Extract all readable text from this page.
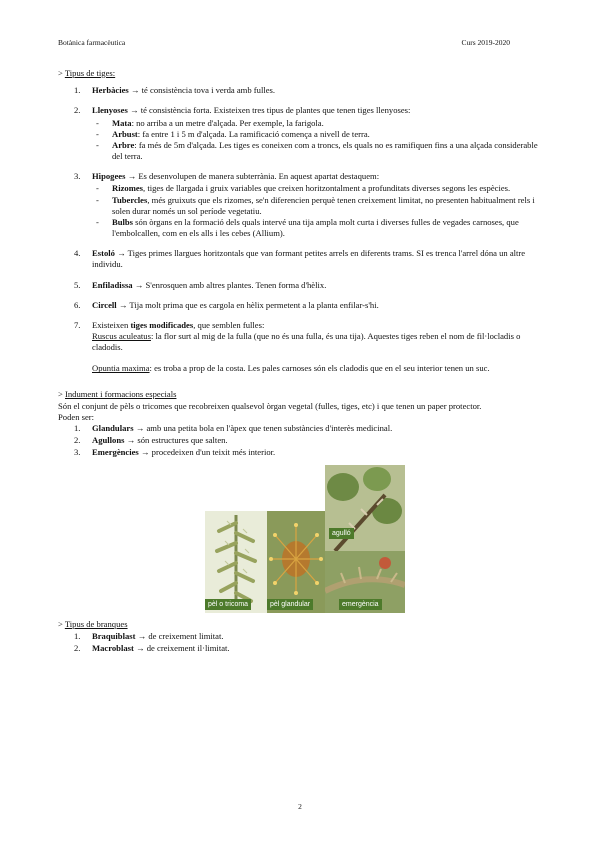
Botànica farmacèutica	Curs 2019-2020
> Tipus de tiges:
1. Herbàcies → té consistència tova i verda amb fulles.
2. Llenyoses → té consistència forta. Existeixen tres tipus de plantes que tenen tiges llenyoses:
- Mata: no arriba a un metre d'alçada. Per exemple, la farigola.
- Arbust: fa entre 1 i 5 m d'alçada. La ramificació comença a nivell de terra.
- Arbre: fa més de 5m d'alçada. Les tiges es coneixen com a troncs, els quals no es ramifiquen fins a una alçada considerable del terra.
3. Hipogees → Es desenvolupen de manera subterrània. En aquest apartat destaquem:
- Rizomes, tiges de llargada i gruix variables que creixen horitzontalment a profunditats diverses segons les espècies.
- Tubercles, més gruixuts que els rizomes, se'n diferencien perquè tenen creixement limitat, no presenten habitualment rels i solen durar només un sol període vegetatiu.
- Bulbs són òrgans en la formació dels quals intervé una tija ampla molt curta i diverses fulles de vegades carnoses, que l'embolcallen, com en els alls i les cebes (Allium).
4. Estoló → Tiges primes llargues horitzontals que van formant petites arrels en diferents trams. SI es trenca l'arrel dóna un altre individu.
5. Enfiladissa → S'enrosquen amb altres plantes. Tenen forma d'hèlix.
6. Circell → Tija molt prima que es cargola en hèlix permetent a la planta enfilar-s'hi.
7. Existeixen tiges modificades, que semblen fulles:
Ruscus aculeatus: la flor surt al mig de la fulla (que no és una fulla, és una tija). Aquestes tiges reben el nom de fil·locladis o cladodis.
Opuntia maxima: es troba a prop de la costa. Les pales carnoses són els cladodis que en el seu interior tenen un suc.
> Indument i formacions especials
Són el conjunt de pèls o tricomes que recobreixen qualsevol òrgan vegetal (fulles, tiges, etc) i que tenen un paper protector.
Poden ser:
1. Glandulars → amb una petita bola en l'àpex que tenen substàncies d'interès medicinal.
2. Agullons → són estructures que salten.
3. Emergències → procedeixen d'un teixit més interior.
pèl o tricoma	pèl glandular
agulló
emergència
> Tipus de branques
1. Braquiblast → de creixement limitat.
2. Macroblast → de creixement il·limitat.
2
